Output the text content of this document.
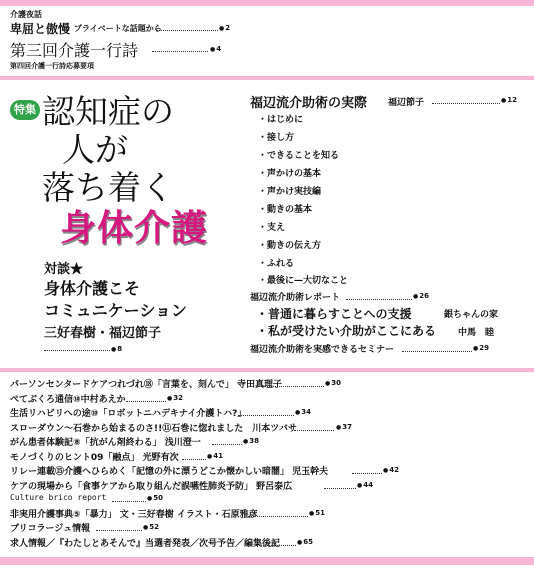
介護夜話
卑屈と傲慢 プライベートな話題から	● 2
第三回介護一行詩	● 4
第四回介護一行詩応募要項
特集 認知症の
人が
落ち着く
身体介護
対談★
身体介護こそ
コミュニケーション
三好春樹・福辺節子
● 8
福辺流介助術の実際 福辺節子	● 12
・はじめに
・接し方
・できることを知る
・声かけの基本
・声かけ実技編
・動きの基本
・支え
・動きの伝え方
・ふれる
・最後に—大切なこと
福辺流介助術レポート	● 26
・普通に暮らすことへの支援	銀ちゃんの家
・私が受けたい介助がここにある 中馬　睦
福辺流介助術を実感できるセミナー	● 29
パーソンセンタードケアつれづれ⑱「言葉を、刻んで」 寺田真理子	● 30
ぺてぶくろ通信⑩中村あえか	● 32
生活リハビリへの途⑩「ロボットニハデキナイ介護トハ?」	● 34
スローダウン～石巻から始まるのさ!!⑪石巻に惚れました　川本ツバサ	● 37
がん患者体験記⑧「抗がん剤終わる」 浅川澄一	● 38
モノづくりのヒント09「融点」 光野有次	● 41
リレー連載⑮介護へひらめく「記憶の外に漂うどこか懐かしい暗闇」 児玉幹夫	● 42
ケアの現場から「食事ケアから取り組んだ誤嚥性肺炎予防」 野呂泰広	● 44
Culture brico report	● 50
非実用介護事典⑤「暴力」 文・三好春樹 イラスト・石原雅彦	● 51
ブリコラージュ情報	● 52
求人情報／『わたしとあそんで』当選者発表／次号予告／編集後記	● 65
